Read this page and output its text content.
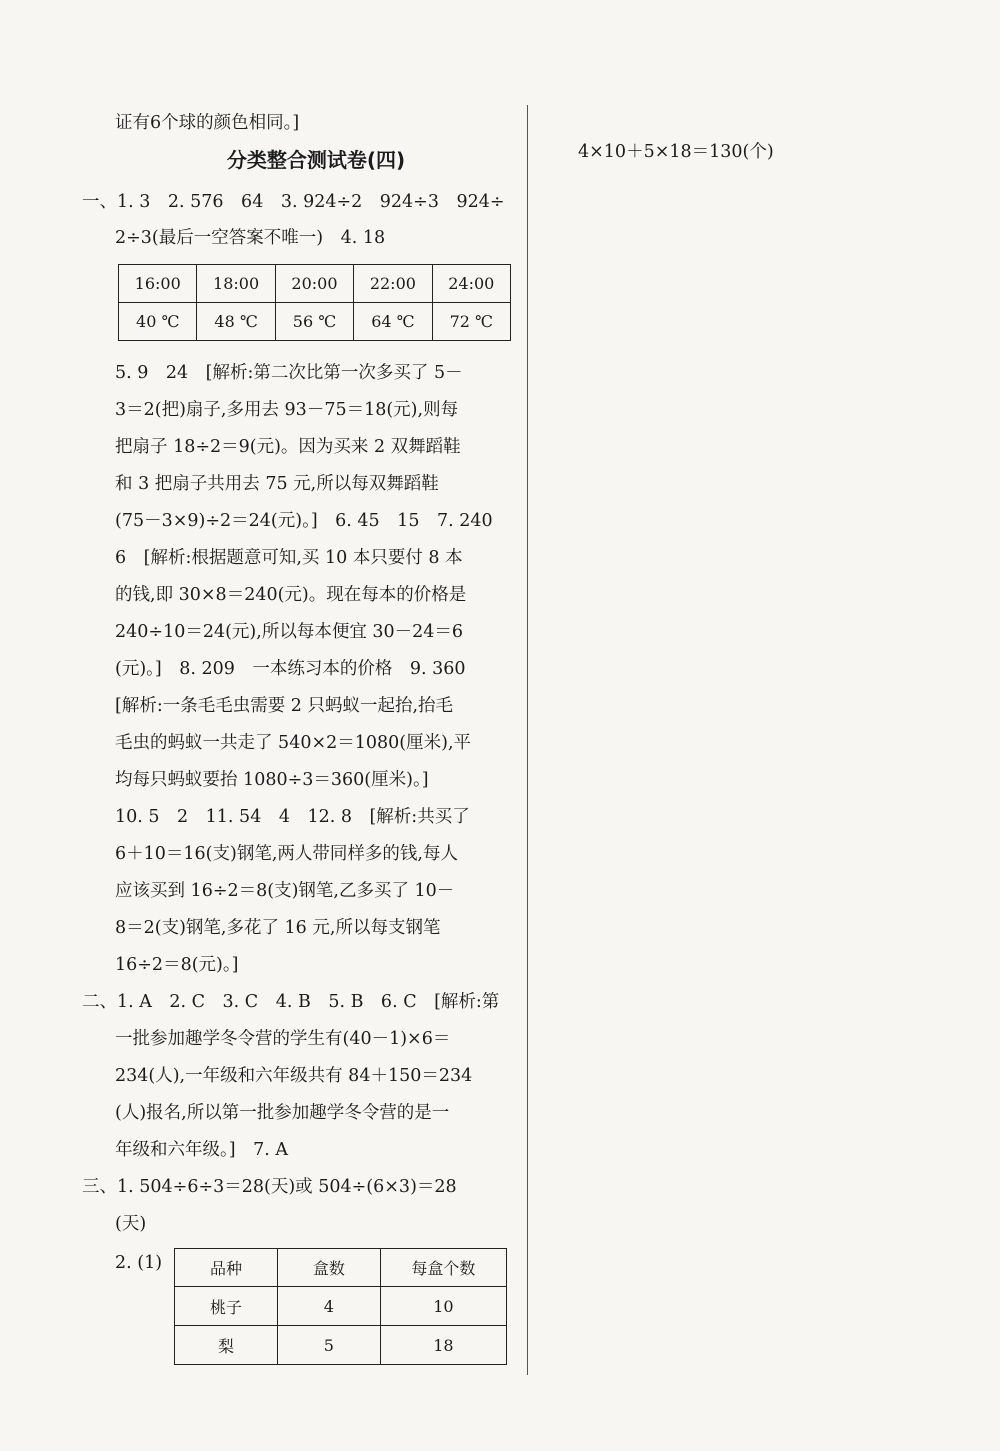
证有6个球的颜色相同。]
分类整合测试卷(四)
一、1. 3　2. 576　64　3. 924÷2　924÷3　924÷
2÷3(最后一空答案不唯一)　4. 18
16:00	18:00	20:00	22:00	24:00
40 ℃	48 ℃	56 ℃	64 ℃	72 ℃
5. 9　24　[解析:第二次比第一次多买了 5－
3＝2(把)扇子,多用去 93－75＝18(元),则每
把扇子 18÷2＝9(元)。因为买来 2 双舞蹈鞋
和 3 把扇子共用去 75 元,所以每双舞蹈鞋
(75－3×9)÷2＝24(元)。]　6. 45　15　7. 240
6　[解析:根据题意可知,买 10 本只要付 8 本
的钱,即 30×8＝240(元)。现在每本的价格是
240÷10＝24(元),所以每本便宜 30－24＝6
(元)。]　8. 209　一本练习本的价格　9. 360
[解析:一条毛毛虫需要 2 只蚂蚁一起抬,抬毛
毛虫的蚂蚁一共走了 540×2＝1080(厘米),平
均每只蚂蚁要抬 1080÷3＝360(厘米)。]
10. 5　2　11. 54　4　12. 8　[解析:共买了
6＋10＝16(支)钢笔,两人带同样多的钱,每人
应该买到 16÷2＝8(支)钢笔,乙多买了 10－
8＝2(支)钢笔,多花了 16 元,所以每支钢笔
16÷2＝8(元)。]
二、1. A　2. C　3. C　4. B　5. B　6. C　[解析:第
一批参加趣学冬令营的学生有(40－1)×6＝
234(人),一年级和六年级共有 84＋150＝234
(人)报名,所以第一批参加趣学冬令营的是一
年级和六年级。]　7. A
三、1. 504÷6÷3＝28(天)或 504÷(6×3)＝28
(天)
2. (1)	品种	盒数	每盒个数
桃子	4	10
梨	5	18
4×10＋5×18＝130(个)
